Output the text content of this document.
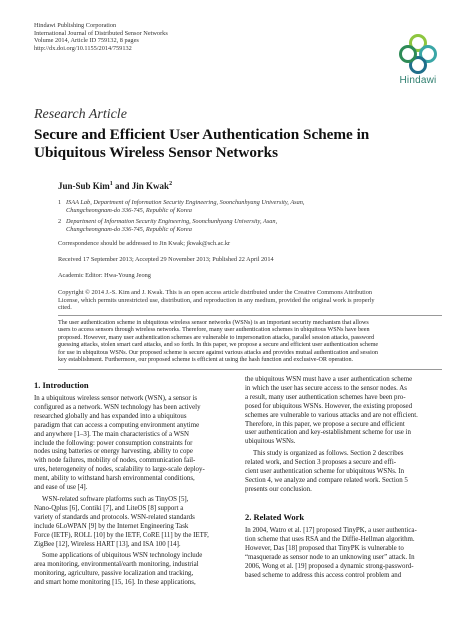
Hindawi Publishing Corporation
International Journal of Distributed Sensor Networks
Volume 2014, Article ID 759132, 8 pages
http://dx.doi.org/10.1155/2014/759132
Hindawi
Research Article
Secure and Efficient User Authentication Scheme in
Ubiquitous Wireless Sensor Networks
Jun-Sub Kim$^1$ and Jin Kwak$^2$
1 ISAA Lab, Department of Information Security Engineering, Soonchunhyang University, Asan,
Chungcheongnam-do 336-745, Republic of Korea
2 Department of Information Security Engineering, Soonchunhyang University, Asan,
Chungcheongnam-do 336-745, Republic of Korea
Correspondence should be addressed to Jin Kwak; jkwak@sch.ac.kr
Received 17 September 2013; Accepted 29 November 2013; Published 22 April 2014
Academic Editor: Hwa-Young Jeong
Copyright © 2014 J.-S. Kim and J. Kwak. This is an open access article distributed under the Creative Commons Attribution
License, which permits unrestricted use, distribution, and reproduction in any medium, provided the original work is properly
cited.
The user authentication scheme in ubiquitous wireless sensor networks (WSNs) is an important security mechanism that allows
users to access sensors through wireless networks. Therefore, many user authentication schemes in ubiquitous WSNs have been
proposed. However, many user authentication schemes are vulnerable to impersonation attacks, parallel session attacks, password
guessing attacks, stolen smart card attacks, and so forth. In this paper, we propose a secure and efficient user authentication scheme
for use in ubiquitous WSNs. Our proposed scheme is secure against various attacks and provides mutual authentication and session
key establishment. Furthermore, our proposed scheme is efficient at using the hash function and exclusive-OR operation.
1. Introduction
In a ubiquitous wireless sensor network (WSN), a sensor is
configured as a network. WSN technology has been actively
researched globally and has expanded into a ubiquitous
paradigm that can access a computing environment anytime
and anywhere [1–3]. The main characteristics of a WSN
include the following: power consumption constraints for
nodes using batteries or energy harvesting, ability to cope
with node failures, mobility of nodes, communication fail-
ures, heterogeneity of nodes, scalability to large-scale deploy-
ment, ability to withstand harsh environmental conditions,
and ease of use [4].
WSN-related software platforms such as TinyOS [5],
Nano-Qplus [6], Contiki [7], and LiteOS [8] support a
variety of standards and protocols. WSN-related standards
include 6LoWPAN [9] by the Internet Engineering Task
Force (IETF), ROLL [10] by the IETF, CoRE [11] by the IETF,
ZigBee [12], Wireless HART [13], and ISA 100 [14].
Some applications of ubiquitous WSN technology include
area monitoring, environmental/earth monitoring, industrial
monitoring, agriculture, passive localization and tracking,
and smart home monitoring [15, 16]. In these applications,
the ubiquitous WSN must have a user authentication scheme
in which the user has secure access to the sensor nodes. As
a result, many user authentication schemes have been pro-
posed for ubiquitous WSNs. However, the existing proposed
schemes are vulnerable to various attacks and are not efficient.
Therefore, in this paper, we propose a secure and efficient
user authentication and key-establishment scheme for use in
ubiquitous WSNs.
This study is organized as follows. Section 2 describes
related work, and Section 3 proposes a secure and effi-
cient user authentication scheme for ubiquitous WSNs. In
Section 4, we analyze and compare related work. Section 5
presents our conclusion.
2. Related Work
In 2004, Watro et al. [17] proposed TinyPK, a user authentica-
tion scheme that uses RSA and the Diffie-Hellman algorithm.
However, Das [18] proposed that TinyPK is vulnerable to
“masquerade as sensor node to an unknowing user” attack. In
2006, Wong et al. [19] proposed a dynamic strong-password-
based scheme to address this access control problem and
